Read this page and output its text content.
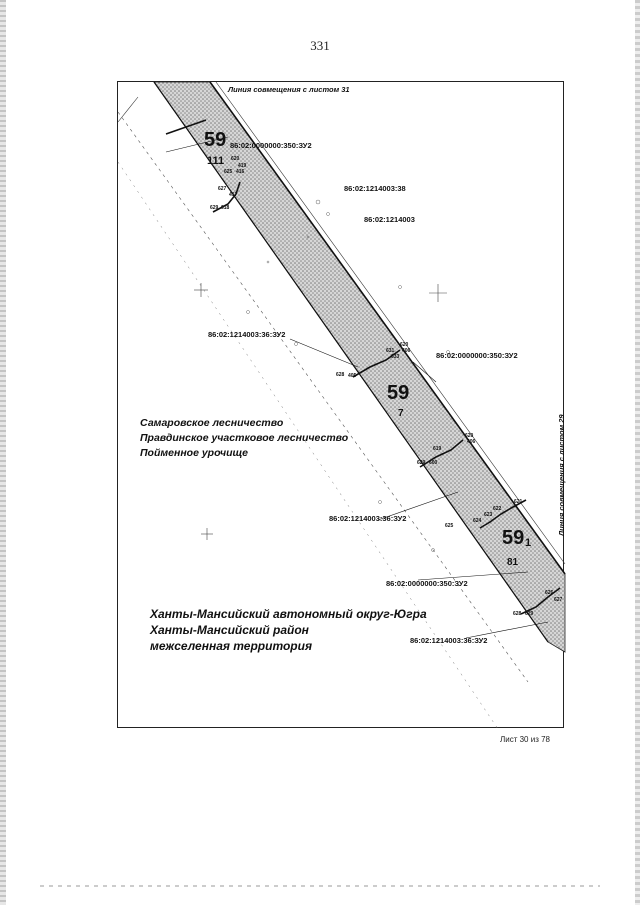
331
Линия совмещения с листом 31
Линия совмещения с листом 29
86:02:0000000:350:ЗУ2
86:02:1214003:38
86:02:1214003
86:02:1214003:36:ЗУ2
86:02:0000000:350:ЗУ2
86:02:1214003:36:ЗУ2
86:02:0000000:350:ЗУ2
86:02:1214003:36:ЗУ2
59
111
59
7
59 1
81
Самаровское лесничество
Правдинское участковое лесничество
Пойменное урочище
Ханты-Мансийский автономный округ-Югра
Ханты-Мансийский район
межселенная территория
620
419
625 416
417
627
629 618
628
620
631 406
633
405
629 600
620
406
619
621
622
623
624
625
626
627
628 629
Лист 30 из 78
